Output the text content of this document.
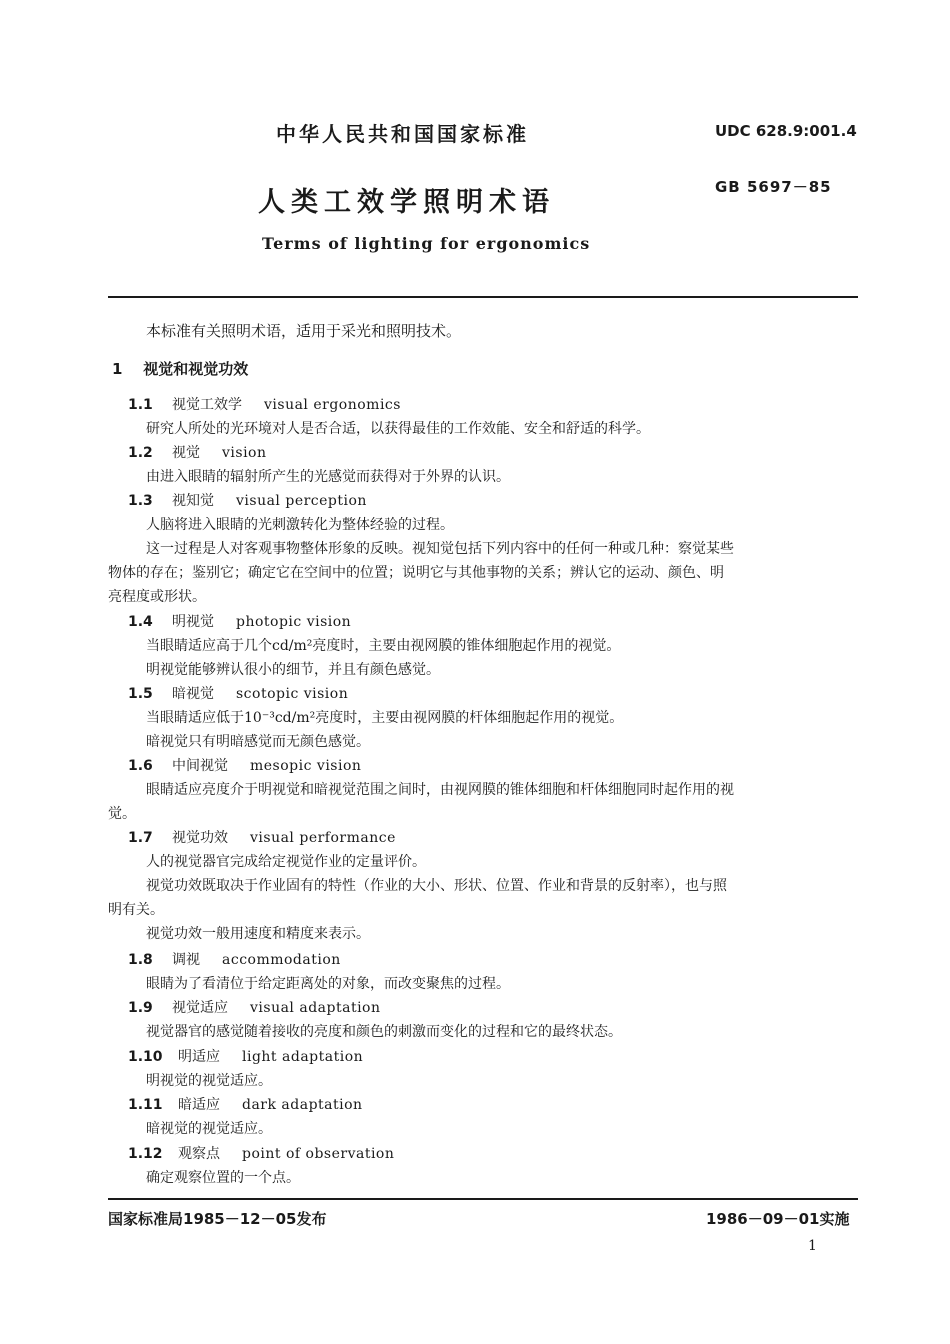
中华人民共和国国家标准	UDC 628.9:001.4
GB 5697－85
人类工效学照明术语
Terms of lighting for ergonomics
本标准有关照明术语，适用于采光和照明技术。
1 视觉和视觉功效
1.1 视觉工效学 visual ergonomics
研究人所处的光环境对人是否合适，以获得最佳的工作效能、安全和舒适的科学。
1.2 视觉 vision
由进入眼睛的辐射所产生的光感觉而获得对于外界的认识。
1.3 视知觉 visual perception
人脑将进入眼睛的光刺激转化为整体经验的过程。
这一过程是人对客观事物整体形象的反映。视知觉包括下列内容中的任何一种或几种：察觉某些
物体的存在；鉴别它；确定它在空间中的位置；说明它与其他事物的关系；辨认它的运动、颜色、明
亮程度或形状。
1.4 明视觉 photopic vision
当眼睛适应高于几个cd/m²亮度时，主要由视网膜的锥体细胞起作用的视觉。
明视觉能够辨认很小的细节，并且有颜色感觉。
1.5 暗视觉 scotopic vision
当眼睛适应低于10⁻³cd/m²亮度时，主要由视网膜的杆体细胞起作用的视觉。
暗视觉只有明暗感觉而无颜色感觉。
1.6 中间视觉 mesopic vision
眼睛适应亮度介于明视觉和暗视觉范围之间时，由视网膜的锥体细胞和杆体细胞同时起作用的视
觉。
1.7 视觉功效 visual performance
人的视觉器官完成给定视觉作业的定量评价。
视觉功效既取决于作业固有的特性（作业的大小、形状、位置、作业和背景的反射率），也与照
明有关。
视觉功效一般用速度和精度来表示。
1.8 调视 accommodation
眼睛为了看清位于给定距离处的对象，而改变聚焦的过程。
1.9 视觉适应 visual adaptation
视觉器官的感觉随着接收的亮度和颜色的刺激而变化的过程和它的最终状态。
1.10 明适应 light adaptation
明视觉的视觉适应。
1.11 暗适应 dark adaptation
暗视觉的视觉适应。
1.12 观察点 point of observation
确定观察位置的一个点。
国家标准局1985－12－05发布	1986－09－01实施
1
